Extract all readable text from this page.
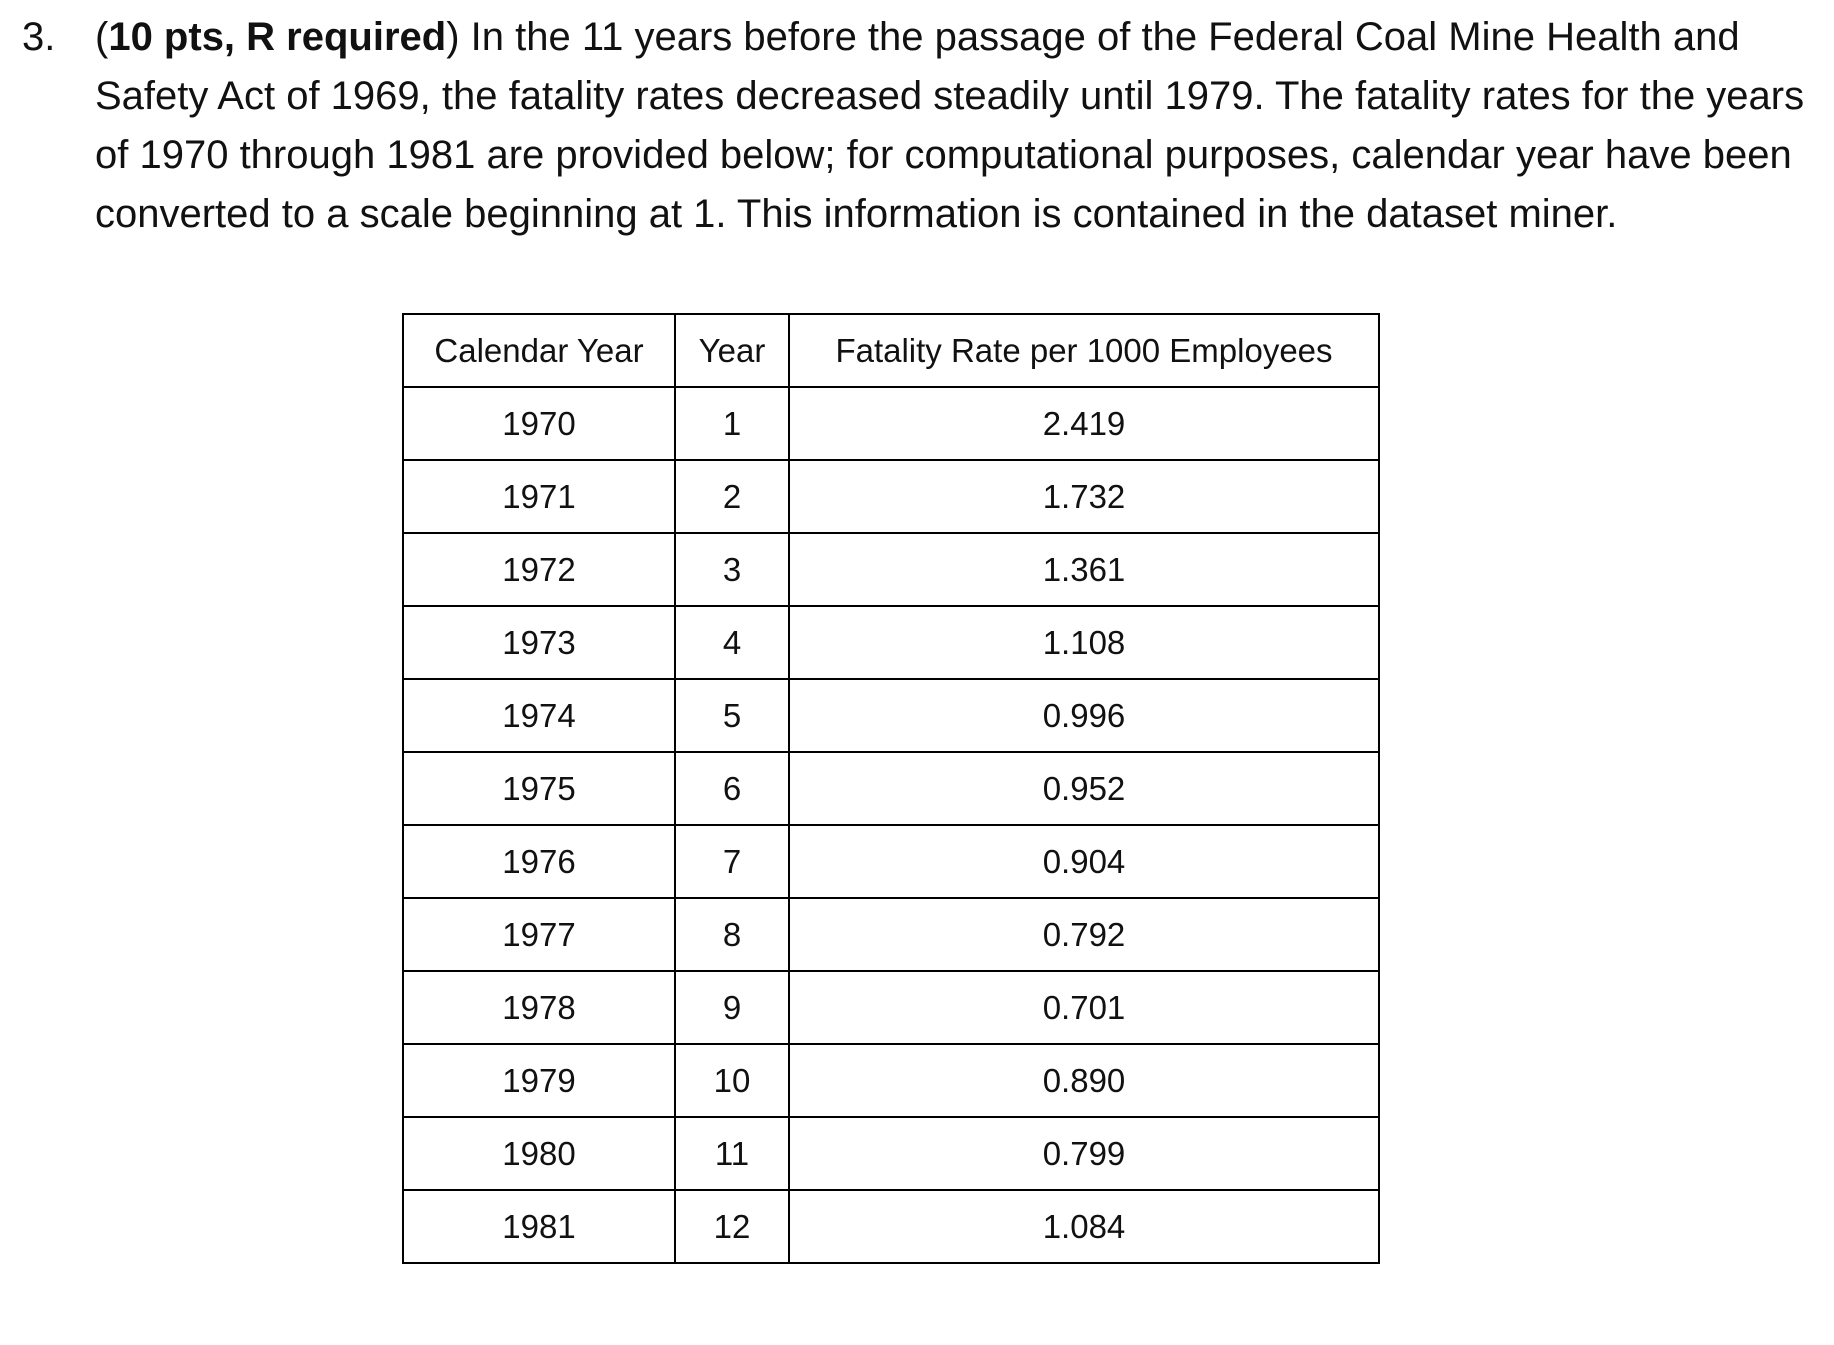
3. (10 pts, R required) In the 11 years before the passage of the Federal Coal Mine Health and Safety Act of 1969, the fatality rates decreased steadily until 1979. The fatality rates for the years of 1970 through 1981 are provided below; for computational purposes, calendar year have been converted to a scale beginning at 1. This information is contained in the dataset miner.
Calendar Year	Year	Fatality Rate per 1000 Employees
1970	1	2.419
1971	2	1.732
1972	3	1.361
1973	4	1.108
1974	5	0.996
1975	6	0.952
1976	7	0.904
1977	8	0.792
1978	9	0.701
1979	10	0.890
1980	11	0.799
1981	12	1.084
